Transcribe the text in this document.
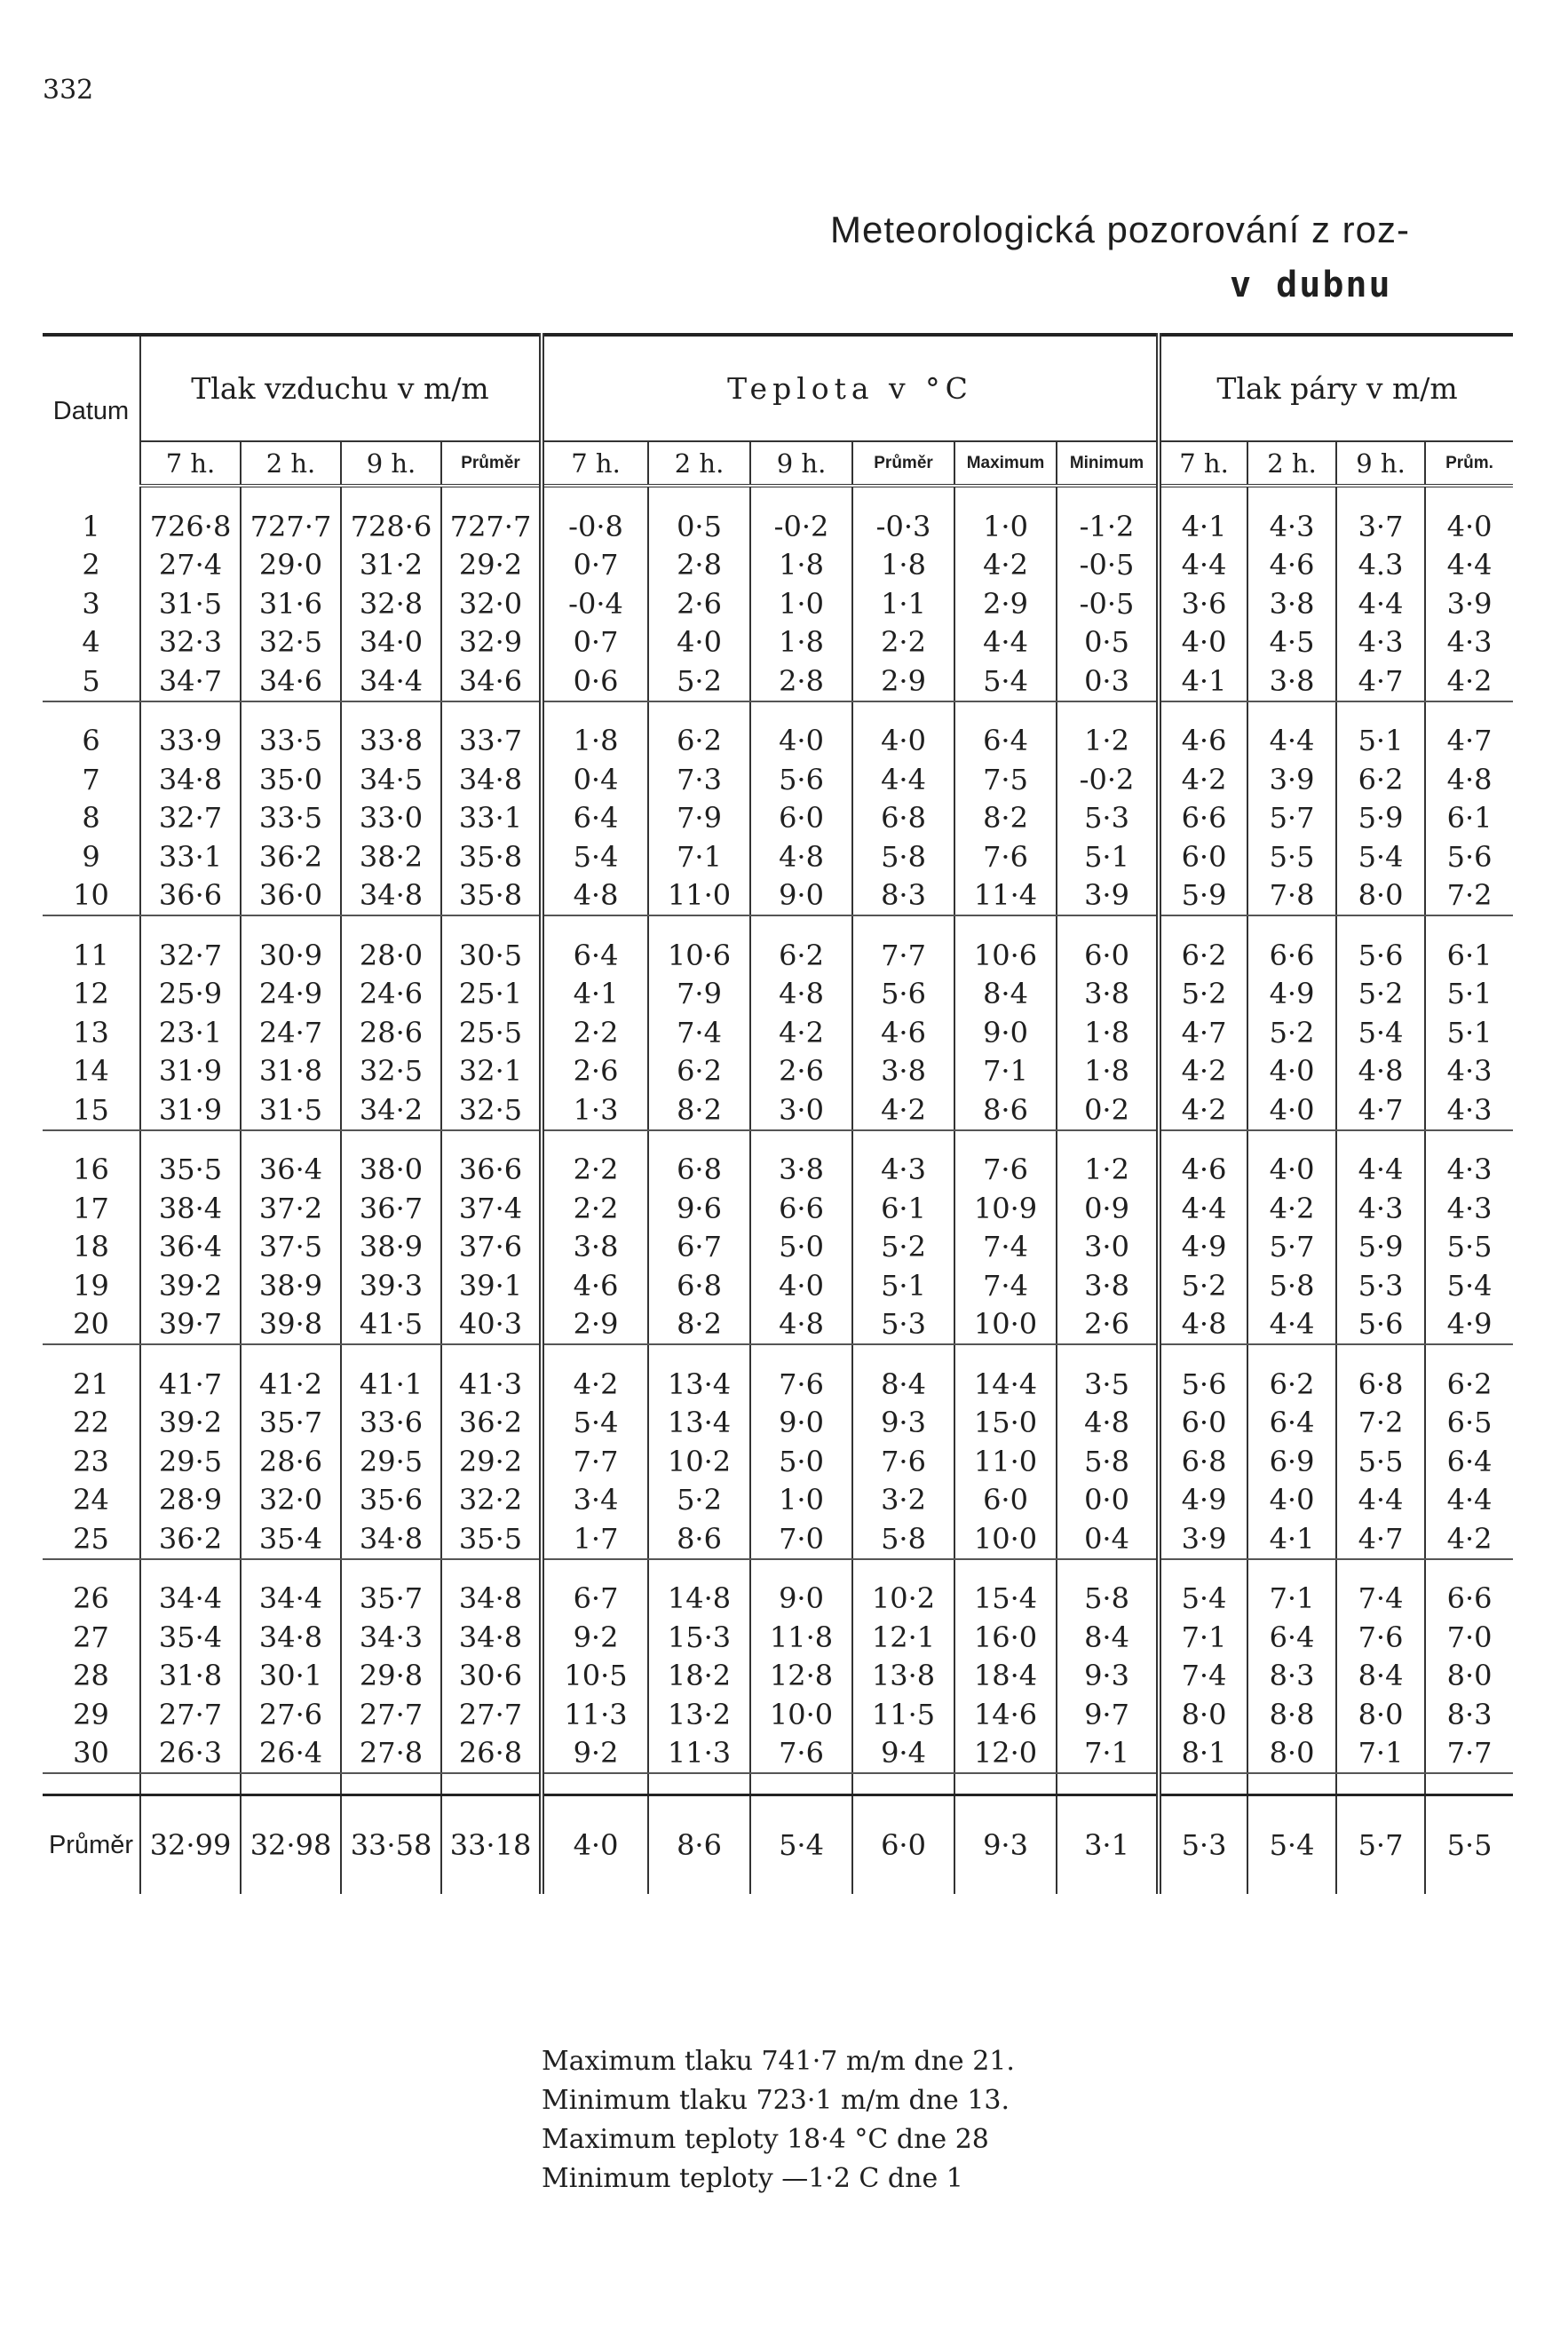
332
Meteorologická pozorování z roz-
v dubnu
Datum	Tlak vzduchu v m/m				Teplota v °C						Tlak páry v m/m			
	7 h.	2 h.	9 h.	Průměr	7 h.	2 h.	9 h.	Průměr	Maximum	Minimum	7 h.	2 h.	9 h.	Prům.

1	726·8	727·7	728·6	727·7	-0·8	0·5	-0·2	-0·3	1·0	-1·2	4·1	4·3	3·7	4·0
2	27·4	29·0	31·2	29·2	0·7	2·8	1·8	1·8	4·2	-0·5	4·4	4·6	4.3	4·4
3	31·5	31·6	32·8	32·0	-0·4	2·6	1·0	1·1	2·9	-0·5	3·6	3·8	4·4	3·9
4	32·3	32·5	34·0	32·9	0·7	4·0	1·8	2·2	4·4	0·5	4·0	4·5	4·3	4·3
5	34·7	34·6	34·4	34·6	0·6	5·2	2·8	2·9	5·4	0·3	4·1	3·8	4·7	4·2

6	33·9	33·5	33·8	33·7	1·8	6·2	4·0	4·0	6·4	1·2	4·6	4·4	5·1	4·7
7	34·8	35·0	34·5	34·8	0·4	7·3	5·6	4·4	7·5	-0·2	4·2	3·9	6·2	4·8
8	32·7	33·5	33·0	33·1	6·4	7·9	6·0	6·8	8·2	5·3	6·6	5·7	5·9	6·1
9	33·1	36·2	38·2	35·8	5·4	7·1	4·8	5·8	7·6	5·1	6·0	5·5	5·4	5·6
10	36·6	36·0	34·8	35·8	4·8	11·0	9·0	8·3	11·4	3·9	5·9	7·8	8·0	7·2

11	32·7	30·9	28·0	30·5	6·4	10·6	6·2	7·7	10·6	6·0	6·2	6·6	5·6	6·1
12	25·9	24·9	24·6	25·1	4·1	7·9	4·8	5·6	8·4	3·8	5·2	4·9	5·2	5·1
13	23·1	24·7	28·6	25·5	2·2	7·4	4·2	4·6	9·0	1·8	4·7	5·2	5·4	5·1
14	31·9	31·8	32·5	32·1	2·6	6·2	2·6	3·8	7·1	1·8	4·2	4·0	4·8	4·3
15	31·9	31·5	34·2	32·5	1·3	8·2	3·0	4·2	8·6	0·2	4·2	4·0	4·7	4·3

16	35·5	36·4	38·0	36·6	2·2	6·8	3·8	4·3	7·6	1·2	4·6	4·0	4·4	4·3
17	38·4	37·2	36·7	37·4	2·2	9·6	6·6	6·1	10·9	0·9	4·4	4·2	4·3	4·3
18	36·4	37·5	38·9	37·6	3·8	6·7	5·0	5·2	7·4	3·0	4·9	5·7	5·9	5·5
19	39·2	38·9	39·3	39·1	4·6	6·8	4·0	5·1	7·4	3·8	5·2	5·8	5·3	5·4
20	39·7	39·8	41·5	40·3	2·9	8·2	4·8	5·3	10·0	2·6	4·8	4·4	5·6	4·9

21	41·7	41·2	41·1	41·3	4·2	13·4	7·6	8·4	14·4	3·5	5·6	6·2	6·8	6·2
22	39·2	35·7	33·6	36·2	5·4	13·4	9·0	9·3	15·0	4·8	6·0	6·4	7·2	6·5
23	29·5	28·6	29·5	29·2	7·7	10·2	5·0	7·6	11·0	5·8	6·8	6·9	5·5	6·4
24	28·9	32·0	35·6	32·2	3·4	5·2	1·0	3·2	6·0	0·0	4·9	4·0	4·4	4·4
25	36·2	35·4	34·8	35·5	1·7	8·6	7·0	5·8	10·0	0·4	3·9	4·1	4·7	4·2

26	34·4	34·4	35·7	34·8	6·7	14·8	9·0	10·2	15·4	5·8	5·4	7·1	7·4	6·6
27	35·4	34·8	34·3	34·8	9·2	15·3	11·8	12·1	16·0	8·4	7·1	6·4	7·6	7·0
28	31·8	30·1	29·8	30·6	10·5	18·2	12·8	13·8	18·4	9·3	7·4	8·3	8·4	8·0
29	27·7	27·6	27·7	27·7	11·3	13·2	10·0	11·5	14·6	9·7	8·0	8·8	8·0	8·3
30	26·3	26·4	27·8	26·8	9·2	11·3	7·6	9·4	12·0	7·1	8·1	8·0	7·1	7·7

Průměr	32·99	32·98	33·58	33·18	4·0	8·6	5·4	6·0	9·3	3·1	5·3	5·4	5·7	5·5
Maximum tlaku 741·7 m/m dne 21.
Minimum tlaku 723·1 m/m dne 13.
Maximum teploty 18·4 °C dne 28
Minimum teploty —1·2 C dne 1
